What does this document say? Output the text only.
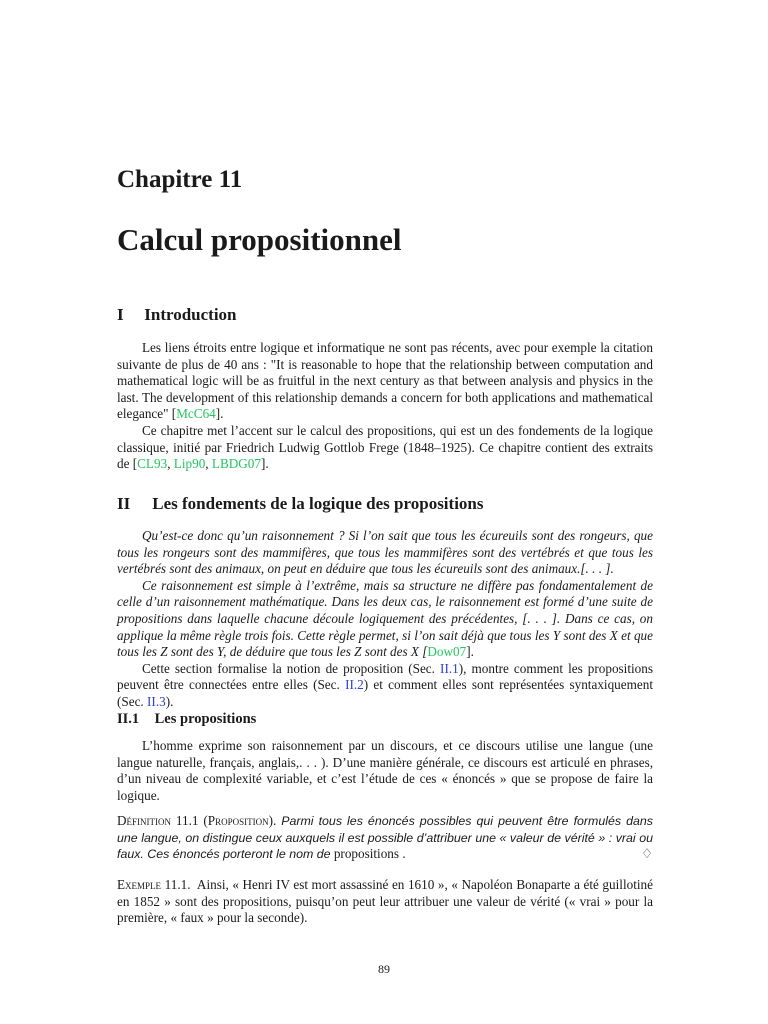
Chapitre 11
Calcul propositionnel
I Introduction

Les liens étroits entre logique et informatique ne sont pas récents, avec pour exemple la citation suivante de plus de 40 ans : "It is reasonable to hope that the relationship between computation and mathematical logic will be as fruitful in the next century as that between analysis and physics in the last. The development of this relationship demands a concern for both applications and mathematical elegance" [McC64].

Ce chapitre met l’accent sur le calcul des propositions, qui est un des fondements de la logique classique, initié par Friedrich Ludwig Gottlob Frege (1848–1925). Ce chapitre contient des extraits de [CL93, Lip90, LBDG07].

II Les fondements de la logique des propositions

Qu’est-ce donc qu’un raisonnement ? Si l’on sait que tous les écureuils sont des rongeurs, que tous les rongeurs sont des mammifères, que tous les mammifères sont des vertébrés et que tous les vertébrés sont des animaux, on peut en déduire que tous les écureuils sont des animaux.[. . . ].

Ce raisonnement est simple à l’extrême, mais sa structure ne diffère pas fondamentalement de celle d’un raisonnement mathématique. Dans les deux cas, le raisonnement est formé d’une suite de propositions dans laquelle chacune découle logiquement des précédentes, [. . . ]. Dans ce cas, on applique la même règle trois fois. Cette règle permet, si l’on sait déjà que tous les Y sont des X et que tous les Z sont des Y, de déduire que tous les Z sont des X [Dow07].

Cette section formalise la notion de proposition (Sec. II.1), montre comment les propositions peuvent être connectées entre elles (Sec. II.2) et comment elles sont représentées syntaxiquement (Sec. II.3).

II.1 Les propositions

L’homme exprime son raisonnement par un discours, et ce discours utilise une langue (une langue naturelle, français, anglais,. . . ). D’une manière générale, ce discours est articulé en phrases, d’un niveau de complexité variable, et c’est l’étude de ces « énoncés » que se propose de faire la logique.

Définition 11.1 (Proposition). Parmi tous les énoncés possibles qui peuvent être formulés dans une langue, on distingue ceux auxquels il est possible d’attribuer une « valeur de vérité » : vrai ou faux. Ces énoncés porteront le nom de propositions .	♢

Exemple 11.1. Ainsi, « Henri IV est mort assassiné en 1610 », « Napoléon Bonaparte a été guillotiné en 1852 » sont des propositions, puisqu’on peut leur attribuer une valeur de vérité (« vrai » pour la première, « faux » pour la seconde).

89
